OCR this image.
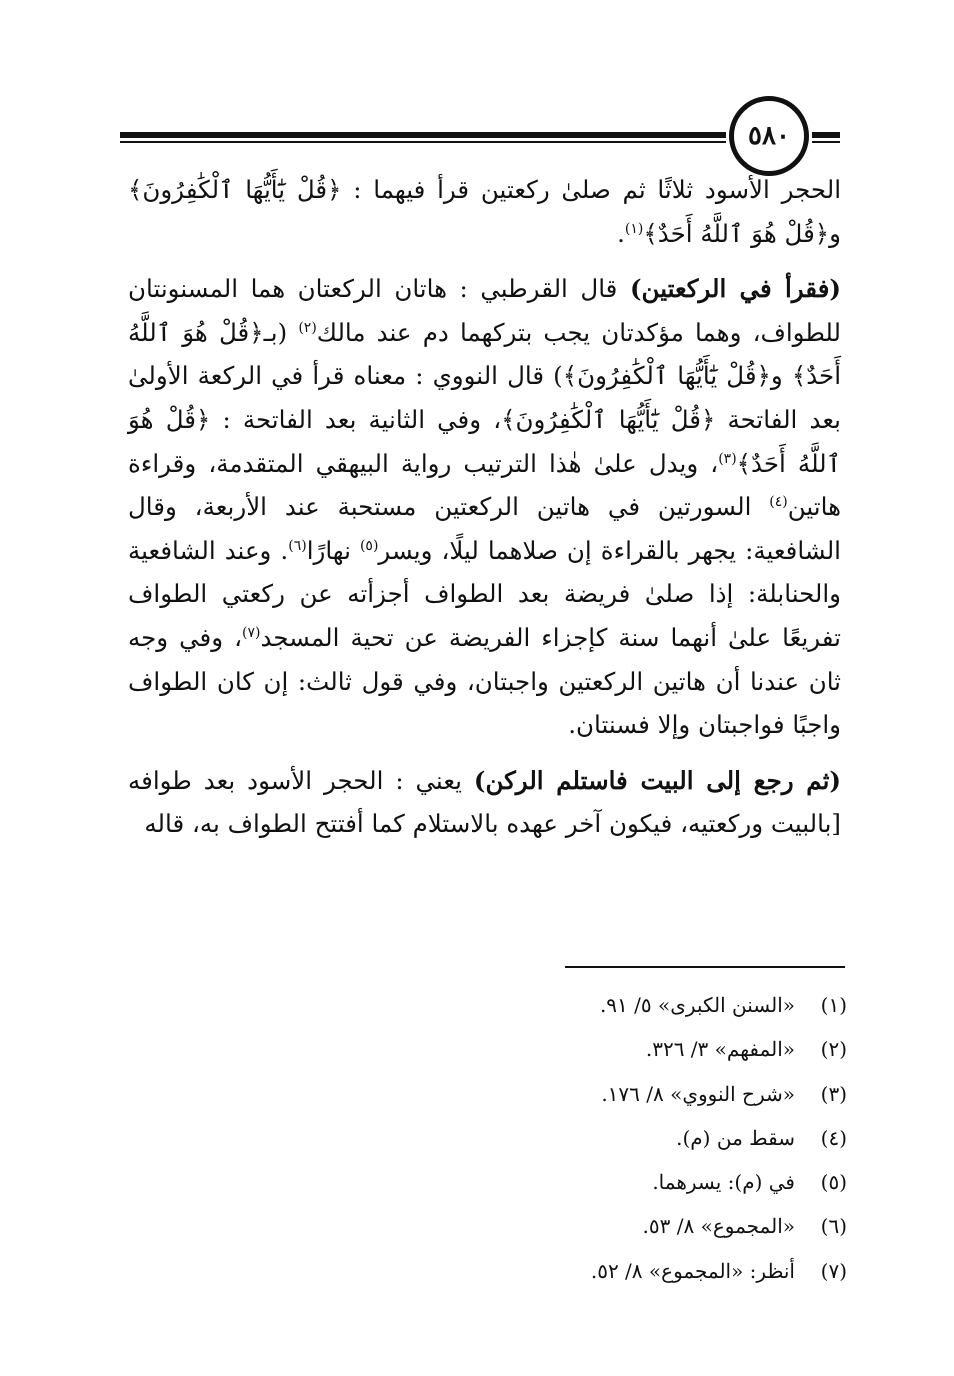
٥٨٠

الحجر الأسود ثلاثًا ثم صلىٰ ركعتين قرأ فيهما : ﴿قُلْ يَٰٓأَيُّهَا ٱلْكَٰفِرُونَ﴾ و﴿قُلْ هُوَ ٱللَّهُ أَحَدٌ﴾$^{(١)}$.

(فقرأ في الركعتين) قال القرطبي : هاتان الركعتان هما المسنونتان للطواف، وهما مؤكدتان يجب بتركهما دم عند مالك$^{(٢)}$ (بـ﴿قُلْ هُوَ ٱللَّهُ أَحَدٌ﴾ و﴿قُلْ يَٰٓأَيُّهَا ٱلْكَٰفِرُونَ﴾) قال النووي : معناه قرأ في الركعة الأولىٰ بعد الفاتحة ﴿قُلْ يَٰٓأَيُّهَا ٱلْكَٰفِرُونَ﴾، وفي الثانية بعد الفاتحة : ﴿قُلْ هُوَ ٱللَّهُ أَحَدٌ﴾$^{(٣)}$، ويدل علىٰ هٰذا الترتيب رواية البيهقي المتقدمة، وقراءة هاتين$^{(٤)}$ السورتين في هاتين الركعتين مستحبة عند الأربعة، وقال الشافعية: يجهر بالقراءة إن صلاهما ليلًا، ويسر$^{(٥)}$ نهارًا$^{(٦)}$. وعند الشافعية والحنابلة: إذا صلىٰ فريضة بعد الطواف أجزأته عن ركعتي الطواف تفريعًا علىٰ أنهما سنة كإجزاء الفريضة عن تحية المسجد$^{(٧)}$، وفي وجه ثان عندنا أن هاتين الركعتين واجبتان، وفي قول ثالث: إن كان الطواف واجبًا فواجبتان وإلا فسنتان.

(ثم رجع إلى البيت فاستلم الركن) يعني : الحجر الأسود بعد طوافه [بالبيت وركعتيه، فيكون آخر عهده بالاستلام كما أفتتح الطواف به، قاله

(١)
«السنن الكبرى» ٥/ ٩١.
(٢)
«المفهم» ٣/ ٣٢٦.
(٣)
«شرح النووي» ٨/ ١٧٦.
(٤)
سقط من (م).
(٥)
في (م): يسرهما.
(٦)
«المجموع» ٨/ ٥٣.
(٧)
أنظر: «المجموع» ٨/ ٥٢.
